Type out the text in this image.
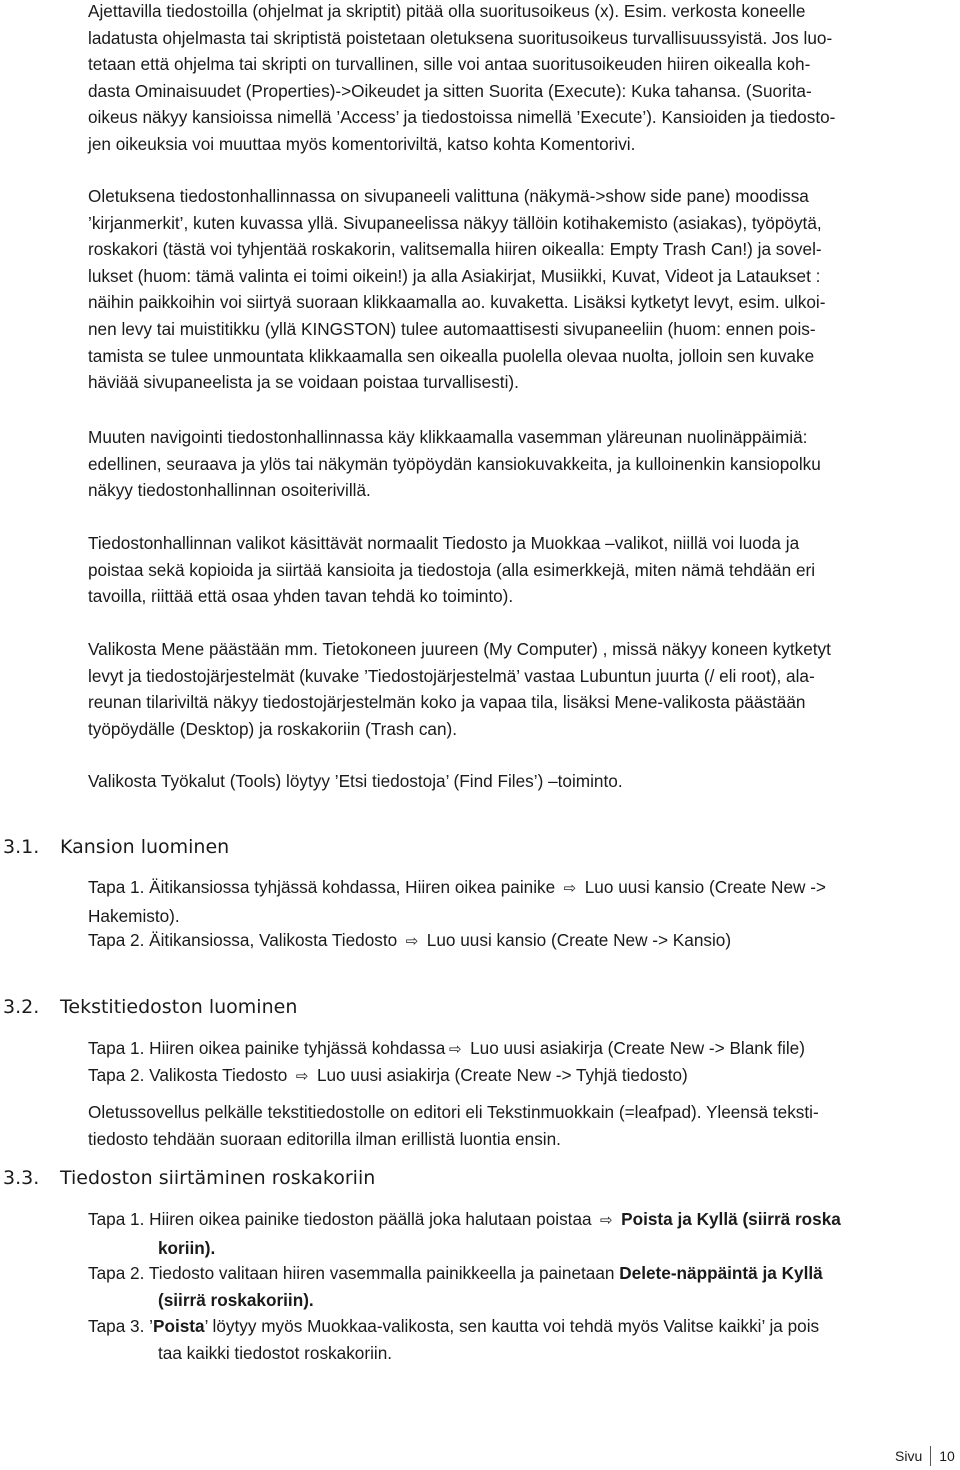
Ajettavilla tiedostoilla (ohjelmat ja skriptit) pitää olla suoritusoikeus (x). Esim. verkosta koneelle
ladatusta ohjelmasta tai skriptistä poistetaan oletuksena suoritusoikeus turvallisuussyistä. Jos luo-
tetaan että ohjelma tai skripti on turvallinen, sille voi antaa suoritusoikeuden hiiren oikealla koh-
dasta Ominaisuudet (Properties)->Oikeudet ja sitten Suorita (Execute): Kuka tahansa. (Suorita-
oikeus näkyy kansioissa nimellä ’Access’ ja tiedostoissa nimellä ’Execute’). Kansioiden ja tiedosto-
jen oikeuksia voi muuttaa myös komentoriviltä, katso kohta Komentorivi.

Oletuksena tiedostonhallinnassa on sivupaneeli valittuna (näkymä->show side pane) moodissa
’kirjanmerkit’, kuten kuvassa yllä. Sivupaneelissa näkyy tällöin kotihakemisto (asiakas), työpöytä,
roskakori (tästä voi tyhjentää roskakorin, valitsemalla hiiren oikealla: Empty Trash Can!) ja sovel-
lukset (huom: tämä valinta ei toimi oikein!) ja alla Asiakirjat, Musiikki, Kuvat, Videot ja Lataukset :
näihin paikkoihin voi siirtyä suoraan klikkaamalla ao. kuvaketta. Lisäksi kytketyt levyt, esim. ulkoi-
nen levy tai muistitikku (yllä KINGSTON) tulee automaattisesti sivupaneeliin (huom: ennen pois-
tamista se tulee unmountata klikkaamalla sen oikealla puolella olevaa nuolta, jolloin sen kuvake
häviää sivupaneelista ja se voidaan poistaa turvallisesti).

Muuten navigointi tiedostonhallinnassa käy klikkaamalla vasemman yläreunan nuolinäppäimiä:
edellinen, seuraava ja ylös tai näkymän työpöydän kansiokuvakkeita, ja kulloinenkin kansiopolku
näkyy tiedostonhallinnan osoiterivillä.

Tiedostonhallinnan valikot käsittävät normaalit Tiedosto ja Muokkaa –valikot, niillä voi luoda ja
poistaa sekä kopioida ja siirtää kansioita ja tiedostoja (alla esimerkkejä, miten nämä tehdään eri
tavoilla, riittää että osaa yhden tavan tehdä ko toiminto).

Valikosta Mene päästään mm. Tietokoneen juureen (My Computer) , missä näkyy koneen kytketyt
levyt ja tiedostojärjestelmät (kuvake ’Tiedostojärjestelmä’ vastaa Lubuntun juurta (/ eli root), ala-
reunan tilariviltä näkyy tiedostojärjestelmän koko ja vapaa tila, lisäksi Mene-valikosta päästään
työpöydälle (Desktop) ja roskakoriin (Trash can).

Valikosta Työkalut (Tools) löytyy ’Etsi tiedostoja’ (Find Files’) –toiminto.

3.1. Kansion luominen

Tapa 1. Äitikansiossa tyhjässä kohdassa, Hiiren oikea painike ⇨ Luo uusi kansio (Create New ->
Hakemisto).

Tapa 2. Äitikansiossa, Valikosta Tiedosto ⇨ Luo uusi kansio (Create New -> Kansio)

3.2. Tekstitiedoston luominen

Tapa 1. Hiiren oikea painike tyhjässä kohdassa ⇨ Luo uusi asiakirja (Create New -> Blank file)

Tapa 2. Valikosta Tiedosto ⇨ Luo uusi asiakirja (Create New -> Tyhjä tiedosto)

Oletussovellus pelkälle tekstitiedostolle on editori eli Tekstinmuokkain (=leafpad). Yleensä teksti-
tiedosto tehdään suoraan editorilla ilman erillistä luontia ensin.

3.3. Tiedoston siirtäminen roskakoriin

Tapa 1. Hiiren oikea painike tiedoston päällä joka halutaan poistaa ⇨ Poista ja Kyllä (siirrä roska
koriin).

Tapa 2. Tiedosto valitaan hiiren vasemmalla painikkeella ja painetaan Delete-näppäintä ja Kyllä
(siirrä roskakoriin).

Tapa 3. ’Poista’ löytyy myös Muokkaa-valikosta, sen kautta voi tehdä myös Valitse kaikki’ ja pois
taa kaikki tiedostot roskakoriin.

Sivu 10
